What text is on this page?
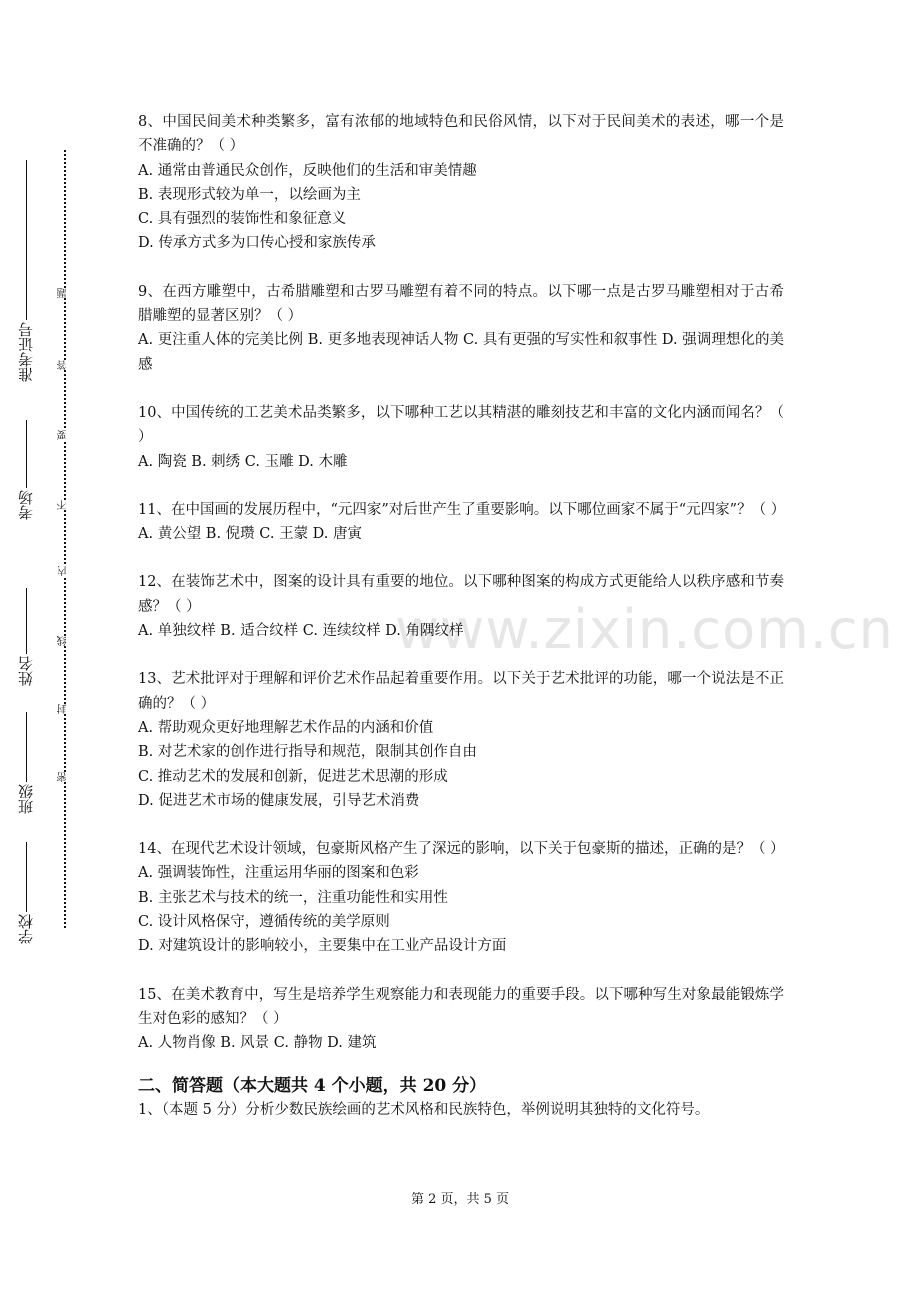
准考证号
考场
姓名
班级
学校
题
答
要
不
内
线
封
密
www.zixin.com.cn

8、中国民间美术种类繁多，富有浓郁的地域特色和民俗风情，以下对于民间美术的表述，哪一个是不准确的？（ ）

A. 通常由普通民众创作，反映他们的生活和审美情趣

B. 表现形式较为单一，以绘画为主

C. 具有强烈的装饰性和象征意义

D. 传承方式多为口传心授和家族传承

9、在西方雕塑中，古希腊雕塑和古罗马雕塑有着不同的特点。以下哪一点是古罗马雕塑相对于古希腊雕塑的显著区别？（ ）

A. 更注重人体的完美比例 B. 更多地表现神话人物 C. 具有更强的写实性和叙事性 D. 强调理想化的美感

10、中国传统的工艺美术品类繁多，以下哪种工艺以其精湛的雕刻技艺和丰富的文化内涵而闻名？（ ）

A. 陶瓷 B. 刺绣 C. 玉雕 D. 木雕

11、在中国画的发展历程中，“元四家”对后世产生了重要影响。以下哪位画家不属于“元四家”？（ ）

A. 黄公望 B. 倪瓒 C. 王蒙 D. 唐寅

12、在装饰艺术中，图案的设计具有重要的地位。以下哪种图案的构成方式更能给人以秩序感和节奏感？（ ）

A. 单独纹样 B. 适合纹样 C. 连续纹样 D. 角隅纹样

13、艺术批评对于理解和评价艺术作品起着重要作用。以下关于艺术批评的功能，哪一个说法是不正确的？（ ）

A. 帮助观众更好地理解艺术作品的内涵和价值

B. 对艺术家的创作进行指导和规范，限制其创作自由

C. 推动艺术的发展和创新，促进艺术思潮的形成

D. 促进艺术市场的健康发展，引导艺术消费

14、在现代艺术设计领域，包豪斯风格产生了深远的影响，以下关于包豪斯的描述，正确的是？（ ）

A. 强调装饰性，注重运用华丽的图案和色彩

B. 主张艺术与技术的统一，注重功能性和实用性

C. 设计风格保守，遵循传统的美学原则

D. 对建筑设计的影响较小，主要集中在工业产品设计方面

15、在美术教育中，写生是培养学生观察能力和表现能力的重要手段。以下哪种写生对象最能锻炼学生对色彩的感知？（ ）

A. 人物肖像 B. 风景 C. 静物 D. 建筑

二、简答题（本大题共 4 个小题，共 20 分）

1、（本题 5 分）分析少数民族绘画的艺术风格和民族特色，举例说明其独特的文化符号。

第 2 页，共 5 页
